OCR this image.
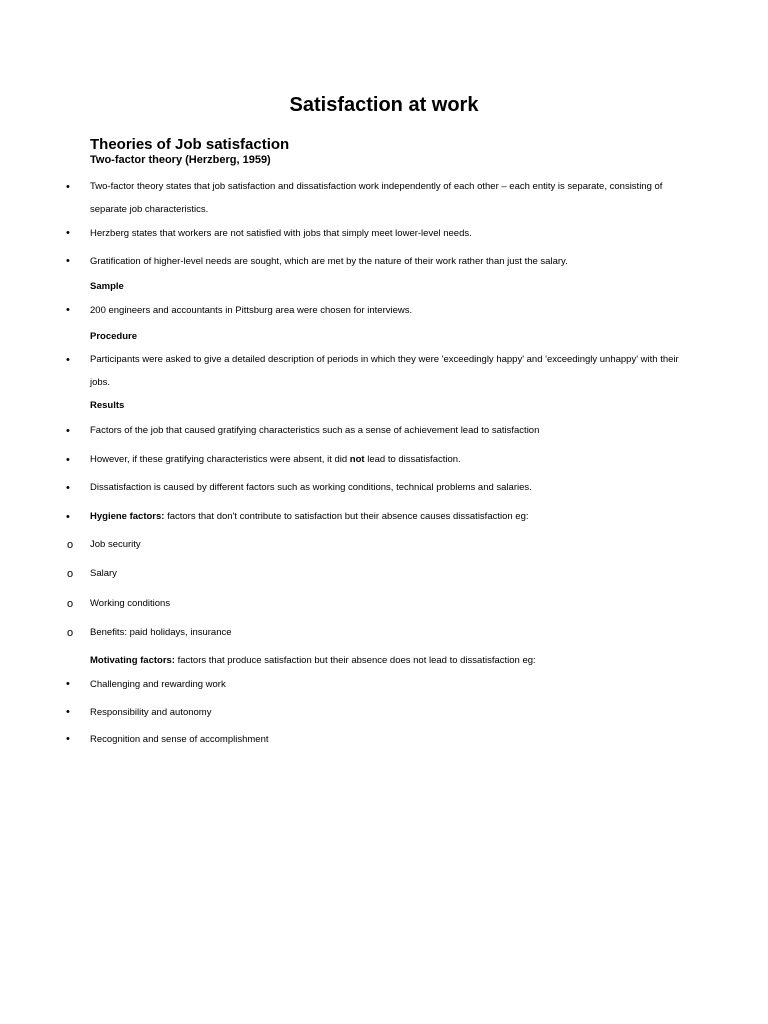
Satisfaction at work
Theories of Job satisfaction
Two-factor theory (Herzberg, 1959)
• Two-factor theory states that job satisfaction and dissatisfaction work independently of each other – each entity is separate, consisting of separate job characteristics.
• Herzberg states that workers are not satisfied with jobs that simply meet lower-level needs.
• Gratification of higher-level needs are sought, which are met by the nature of their work rather than just the salary.
Sample
• 200 engineers and accountants in Pittsburg area were chosen for interviews.
Procedure
• Participants were asked to give a detailed description of periods in which they were 'exceedingly happy' and 'exceedingly unhappy' with their jobs.
Results
• Factors of the job that caused gratifying characteristics such as a sense of achievement lead to satisfaction
• However, if these gratifying characteristics were absent, it did not lead to dissatisfaction.
• Dissatisfaction is caused by different factors such as working conditions, technical problems and salaries.
• Hygiene factors: factors that don't contribute to satisfaction but their absence causes dissatisfaction eg:
o Job security
o Salary
o Working conditions
o Benefits: paid holidays, insurance
Motivating factors: factors that produce satisfaction but their absence does not lead to dissatisfaction eg:
• Challenging and rewarding work
• Responsibility and autonomy
• Recognition and sense of accomplishment
